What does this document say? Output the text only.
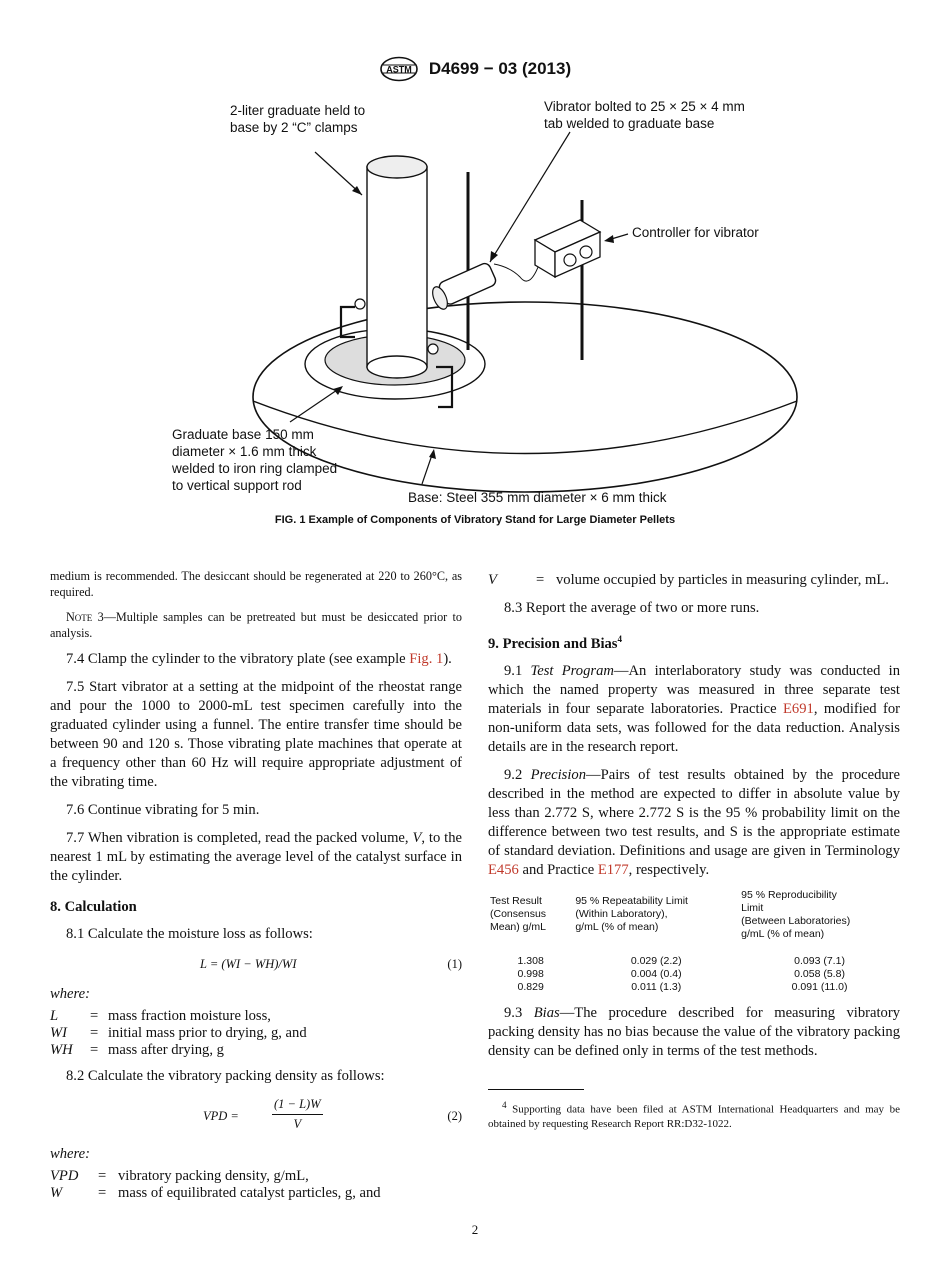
ASTM D4699 − 03 (2013)
2-liter graduate held to
base by 2 “C” clamps
Vibrator bolted to 25 × 25 × 4 mm
tab welded to graduate base
Controller for vibrator
Graduate base 150 mm
diameter × 1.6 mm thick
welded to iron ring clamped
to vertical support rod
Base: Steel 355 mm diameter × 6 mm thick
FIG. 1 Example of Components of Vibratory Stand for Large Diameter Pellets

medium is recommended. The desiccant should be regenerated at 220 to 260°C, as required.

Note 3—Multiple samples can be pretreated but must be desiccated prior to analysis.

7.4 Clamp the cylinder to the vibratory plate (see example Fig. 1).

7.5 Start vibrator at a setting at the midpoint of the rheostat range and pour the 1000 to 2000-mL test specimen carefully into the graduated cylinder using a funnel. The entire transfer time should be between 90 and 120 s. Those vibrating plate machines that operate at a frequency other than 60 Hz will require appropriate adjustment of the vibrating time.

7.6 Continue vibrating for 5 min.

7.7 When vibration is completed, read the packed volume, V, to the nearest 1 mL by estimating the average level of the catalyst surface in the cylinder.

8. Calculation

8.1 Calculate the moisture loss as follows:

L = (WI − WH)/WI	(1)
where:
L	=	mass fraction moisture loss,
WI	=	initial mass prior to drying, g, and
WH	=	mass after drying, g

8.2 Calculate the vibratory packing density as follows:

VPD =	$\frac{(1 - L)W}{V}$	(2)
where:
VPD	=	vibratory packing density, g/mL,
W	=	mass of equilibrated catalyst particles, g, and
V	=	volume occupied by particles in measuring cylinder, mL.

8.3 Report the average of two or more runs.

9. Precision and Bias$^4$

9.1 Test Program—An interlaboratory study was conducted in which the named property was measured in three separate test materials in four separate laboratories. Practice E691, modified for non-uniform data sets, was followed for the data reduction. Analysis details are in the research report.

9.2 Precision—Pairs of test results obtained by the procedure described in the method are expected to differ in absolute value by less than 2.772 S, where 2.772 S is the 95 % probability limit on the difference between two test results, and S is the appropriate estimate of standard deviation. Definitions and usage are given in Terminology E456 and Practice E177, respectively.

Test Result
(Consensus
Mean) g/mL	95 % Repeatability Limit
(Within Laboratory),
g/mL (% of mean)	95 % Reproducibility
Limit
(Between Laboratories)
g/mL (% of mean)
1.308	0.029 (2.2)	0.093 (7.1)
0.998	0.004 (0.4)	0.058 (5.8)
0.829	0.011 (1.3)	0.091 (11.0)

9.3 Bias—The procedure described for measuring vibratory packing density has no bias because the value of the vibratory packing density can be defined only in terms of the test methods.

$^4$ Supporting data have been filed at ASTM International Headquarters and may be obtained by requesting Research Report RR:D32-1022.

2
